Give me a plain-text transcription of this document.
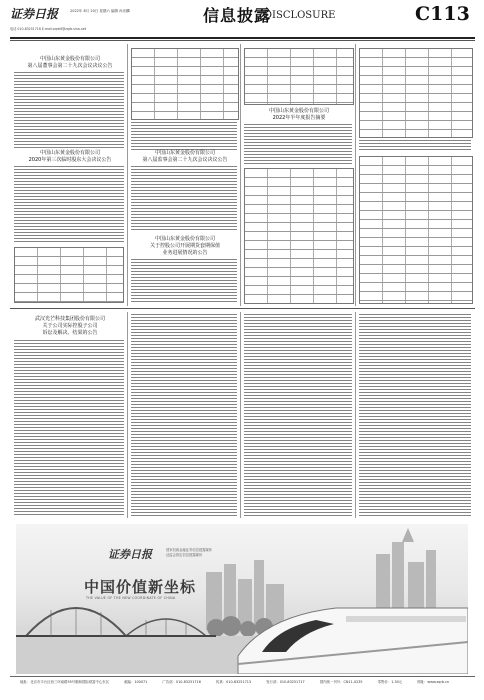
证券日报	2022年 8月 20日 星期六 编辑 孙乐麟
电话 010-83251716 E-mail:zqrb9@zqrb.sina.net
信息披露
DISCLOSURE	C113
中国山东黄金股份有限公司
第八届董事会第二十九次会议决议公告
中国山东黄金股份有限公司
2020年第三次临时股东大会决议公告
中国山东黄金股份有限公司
第八届监事会第二十九次会议决议公告
中国山东黄金股份有限公司
关于控股公司开展期货套期保值
业务进展情况的公告
中国山东黄金股份有限公司
2022年半年度报告摘要
武汉光芒科技集团股份有限公司
关于公司实际控股子公司
诉讼及解决、结果的公告
证券日报	国家权威金融证券信息披露媒体
证监会指定信息披露媒体
中国价值新坐标
THE VALUE OF THE NEW COORDINATE OF CHINA
地址：北京市丰台区西三环南路55号顺和国际财富中心东区	邮编：100071	广告部：010-83251716	传真：010-83251713	发行部：010-83251717	国内统一刊号：CN11-0235	零售价：1.30元	网址：www.zqrb.cn
